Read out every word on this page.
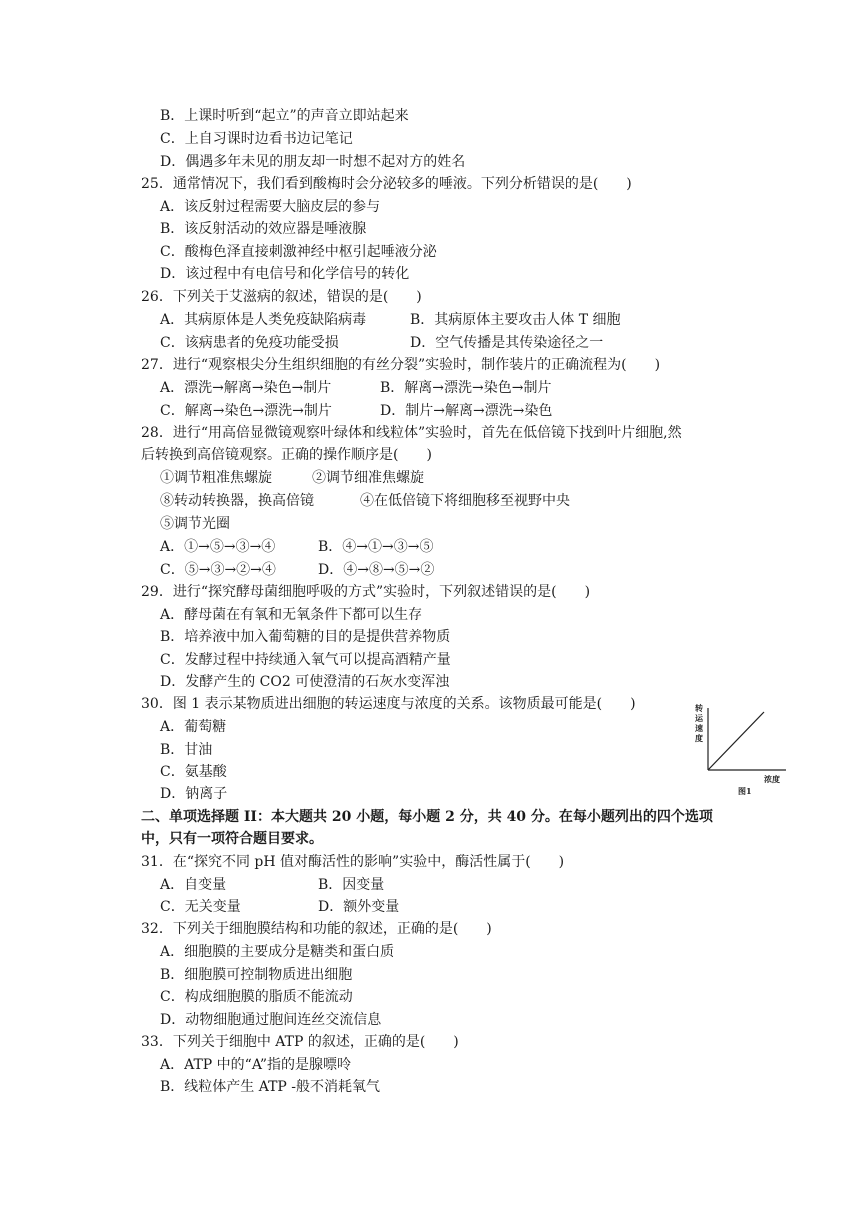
B．上课时听到“起立”的声音立即站起来
C．上自习课时边看书边记笔记
D．偶遇多年未见的朋友却一时想不起对方的姓名
25．通常情况下，我们看到酸梅时会分泌较多的唾液。下列分析错误的是(　　)
A．该反射过程需要大脑皮层的参与
B．该反射活动的效应器是唾液腺
C．酸梅色泽直接刺激神经中枢引起唾液分泌
D．该过程中有电信号和化学信号的转化
26．下列关于艾滋病的叙述，错误的是(　　)
A．其病原体是人类免疫缺陷病毒	B．其病原体主要攻击人体 T 细胞
C．该病患者的免疫功能受损	D．空气传播是其传染途径之一
27．进行“观察根尖分生组织细胞的有丝分裂”实验时，制作装片的正确流程为(　　)
A．漂洗→解离→染色→制片	B．解离→漂洗→染色→制片
C．解离→染色→漂洗→制片	D．制片→解离→漂洗→染色
28．进行“用高倍显微镜观察叶绿体和线粒体”实验时，首先在低倍镜下找到叶片细胞,然
后转换到高倍镜观察。正确的操作顺序是(　　)
①调节粗准焦螺旋	②调节细准焦螺旋
⑧转动转换器，换高倍镜	④在低倍镜下将细胞移至视野中央
⑤调节光圈
A．①→⑤→③→④	B．④→①→③→⑤
C．⑤→③→②→④	D．④→⑧→⑤→②
29．进行“探究酵母菌细胞呼吸的方式”实验时，下列叙述错误的是(　　)
A．酵母菌在有氧和无氧条件下都可以生存
B．培养液中加入葡萄糖的目的是提供营养物质
C．发酵过程中持续通入氧气可以提高酒精产量
D．发酵产生的 CO2 可使澄清的石灰水变浑浊
30．图 1 表示某物质进出细胞的转运速度与浓度的关系。该物质最可能是(　　)
A．葡萄糖
B．甘油
C．氨基酸
D．钠离子
转
运
速
度
浓度
图1
二、单项选择题 II：本大题共 20 小题，每小题 2 分，共 40 分。在每小题列出的四个选项
中，只有一项符合题目要求。
31．在“探究不同 pH 值对酶活性的影响”实验中，酶活性属于(　　)
A．自变量	B．因变量
C．无关变量	D．额外变量
32．下列关于细胞膜结构和功能的叙述，正确的是(　　)
A．细胞膜的主要成分是糖类和蛋白质
B．细胞膜可控制物质进出细胞
C．构成细胞膜的脂质不能流动
D．动物细胞通过胞间连丝交流信息
33．下列关于细胞中 ATP 的叙述，正确的是(　　)
A．ATP 中的“A”指的是腺嘌呤
B．线粒体产生 ATP -般不消耗氧气
